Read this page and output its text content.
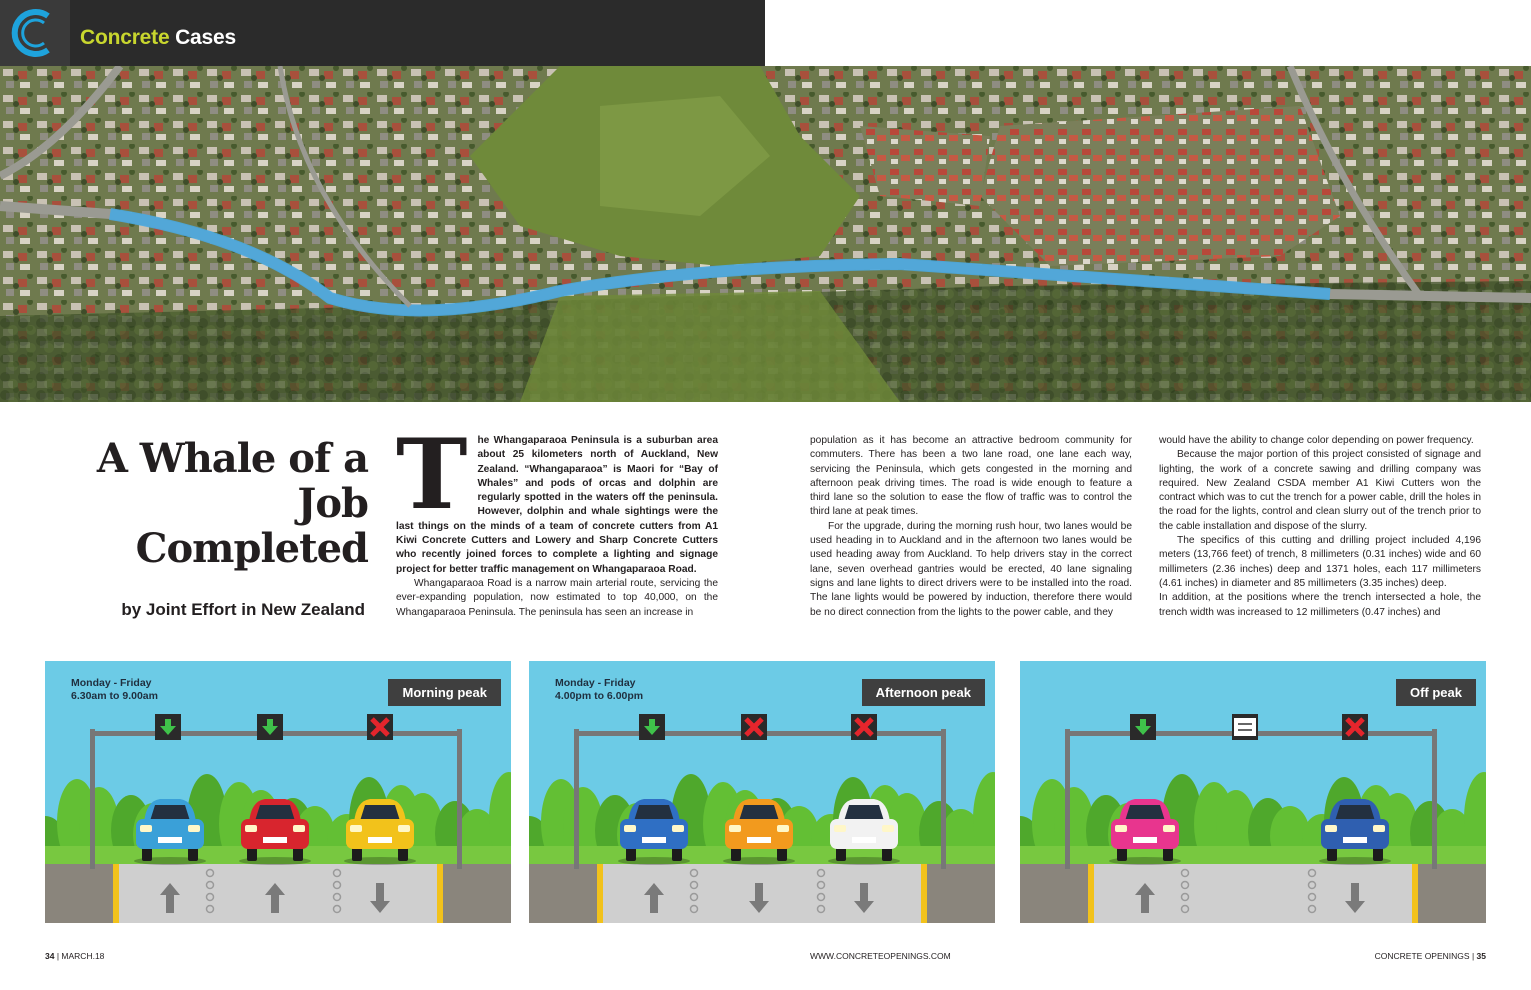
Concrete Cases
A Whale of a Job Completed
by Joint Effort in New Zealand
T he Whangaparaoa Peninsula is a suburban area about 25 kilometers north of Auckland, New Zealand. “Whangaparaoa” is Maori for “Bay of Whales” and pods of orcas and dolphin are regularly spotted in the waters off the peninsula. However, dolphin and whale sightings were the last things on the minds of a team of concrete cutters from A1 Kiwi Concrete Cutters and Lowery and Sharp Concrete Cutters who recently joined forces to complete a lighting and signage project for better traffic management on Whangaparaoa Road.

Whangaparaoa Road is a narrow main arterial route, servicing the ever-expanding population, now estimated to top 40,000, on the Whangaparaoa Peninsula. The peninsula has seen an increase in

population as it has become an attractive bedroom community for commuters. There has been a two lane road, one lane each way, servicing the Peninsula, which gets congested in the morning and afternoon peak driving times. The road is wide enough to feature a third lane so the solution to ease the flow of traffic was to control the third lane at peak times.

For the upgrade, during the morning rush hour, two lanes would be used heading in to Auckland and in the afternoon two lanes would be used heading away from Auckland. To help drivers stay in the correct lane, seven overhead gantries would be erected, 40 lane signaling signs and lane lights to direct drivers were to be installed into the road. The lane lights would be powered by induction, therefore there would be no direct connection from the lights to the power cable, and they

would have the ability to change color depending on power frequency.

Because the major portion of this project consisted of signage and lighting, the work of a concrete sawing and drilling company was required. New Zealand CSDA member A1 Kiwi Cutters won the contract which was to cut the trench for a power cable, drill the holes in the road for the lights, control and clean slurry out of the trench prior to the cable installation and dispose of the slurry.

The specifics of this cutting and drilling project included 4,196 meters (13,766 feet) of trench, 8 millimeters (0.31 inches) wide and 60 millimeters (2.36 inches) deep and 1371 holes, each 117 millimeters (4.61 inches) in diameter and 85 millimeters (3.35 inches) deep.

In addition, at the positions where the trench intersected a hole, the trench width was increased to 12 millimeters (0.47 inches) and

Monday - Friday
6.30am to 9.00am	Morning peak
Monday - Friday
4.00pm to 6.00pm	Afternoon peak	Off peak
34 | MARCH.18	WWW.CONCRETEOPENINGS.COM	CONCRETE OPENINGS | 35
